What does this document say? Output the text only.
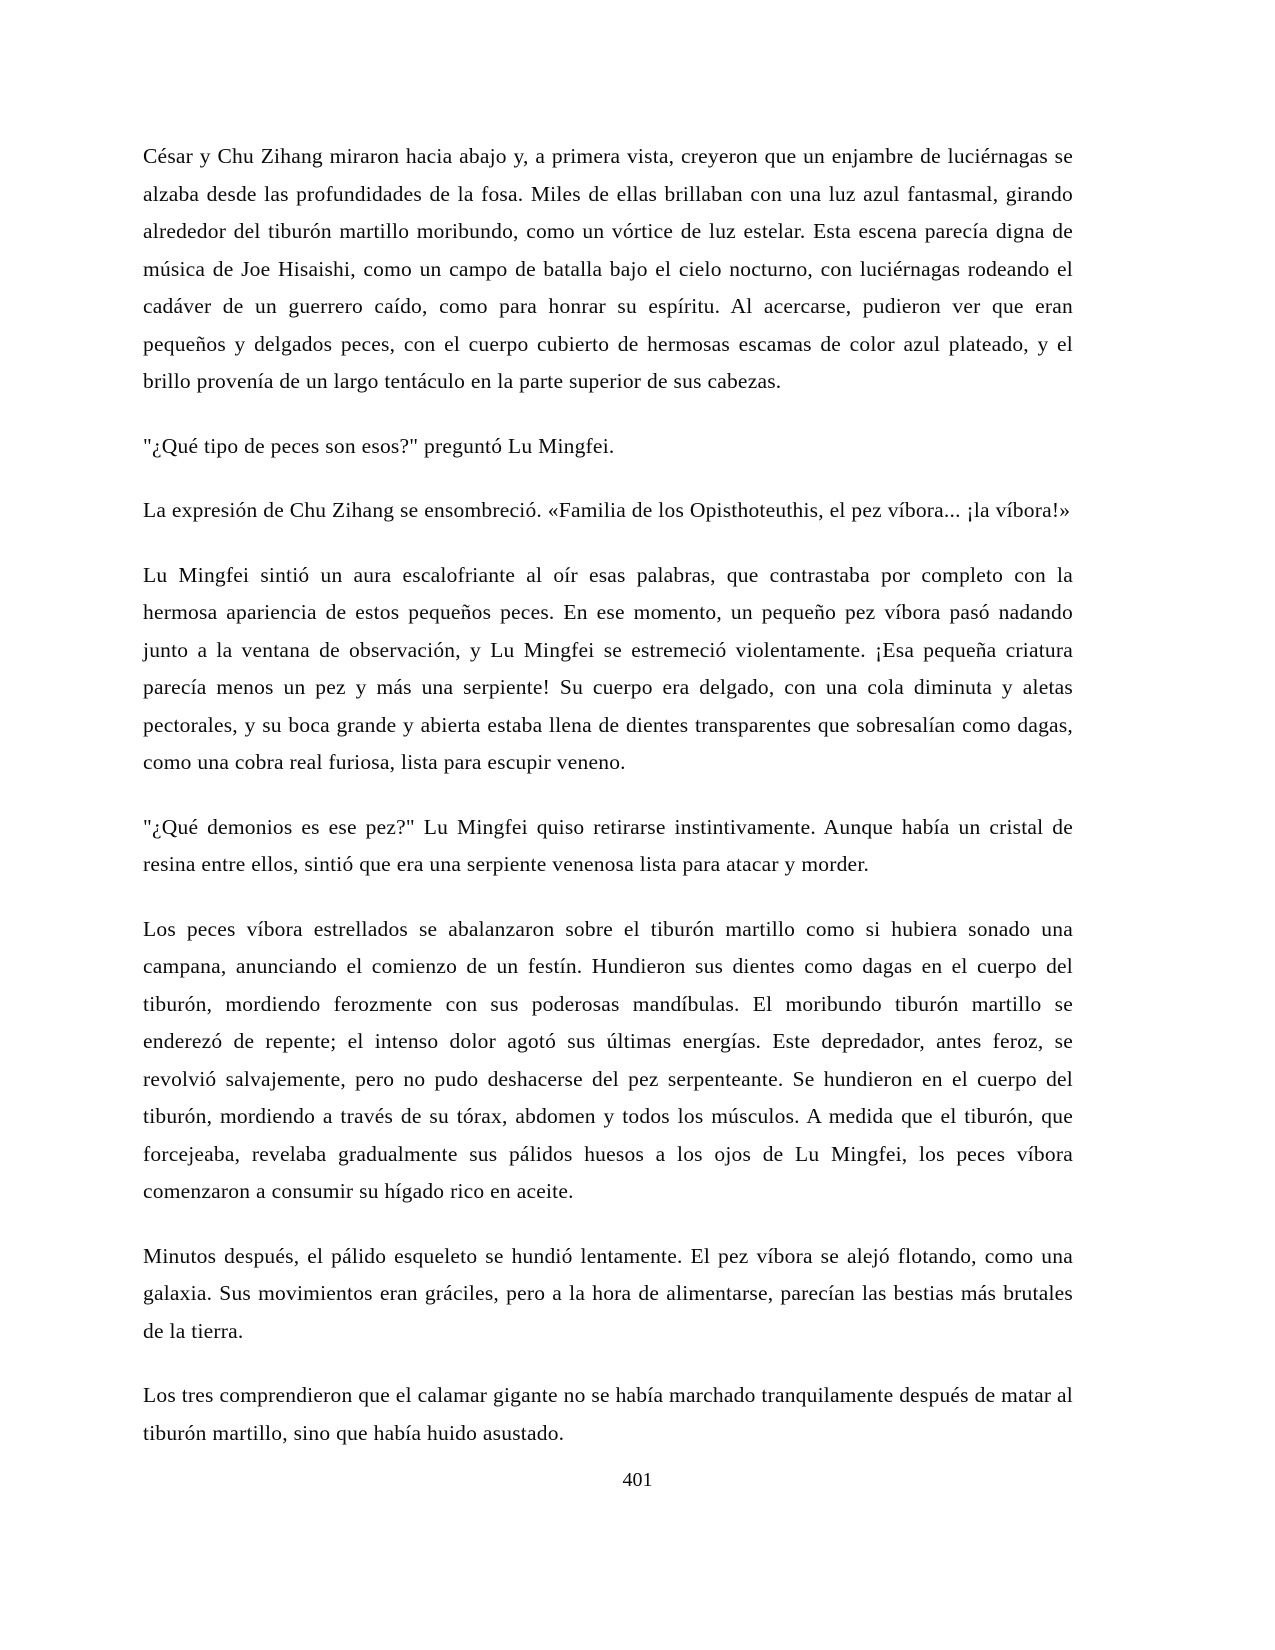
César y Chu Zihang miraron hacia abajo y, a primera vista, creyeron que un enjambre de luciérnagas se alzaba desde las profundidades de la fosa. Miles de ellas brillaban con una luz azul fantasmal, girando alrededor del tiburón martillo moribundo, como un vórtice de luz estelar. Esta escena parecía digna de música de Joe Hisaishi, como un campo de batalla bajo el cielo nocturno, con luciérnagas rodeando el cadáver de un guerrero caído, como para honrar su espíritu. Al acercarse, pudieron ver que eran pequeños y delgados peces, con el cuerpo cubierto de hermosas escamas de color azul plateado, y el brillo provenía de un largo tentáculo en la parte superior de sus cabezas.

"¿Qué tipo de peces son esos?" preguntó Lu Mingfei.

La expresión de Chu Zihang se ensombreció. «Familia de los Opisthoteuthis, el pez víbora... ¡la víbora!»

Lu Mingfei sintió un aura escalofriante al oír esas palabras, que contrastaba por completo con la hermosa apariencia de estos pequeños peces. En ese momento, un pequeño pez víbora pasó nadando junto a la ventana de observación, y Lu Mingfei se estremeció violentamente. ¡Esa pequeña criatura parecía menos un pez y más una serpiente! Su cuerpo era delgado, con una cola diminuta y aletas pectorales, y su boca grande y abierta estaba llena de dientes transparentes que sobresalían como dagas, como una cobra real furiosa, lista para escupir veneno.

"¿Qué demonios es ese pez?" Lu Mingfei quiso retirarse instintivamente. Aunque había un cristal de resina entre ellos, sintió que era una serpiente venenosa lista para atacar y morder.

Los peces víbora estrellados se abalanzaron sobre el tiburón martillo como si hubiera sonado una campana, anunciando el comienzo de un festín. Hundieron sus dientes como dagas en el cuerpo del tiburón, mordiendo ferozmente con sus poderosas mandíbulas. El moribundo tiburón martillo se enderezó de repente; el intenso dolor agotó sus últimas energías. Este depredador, antes feroz, se revolvió salvajemente, pero no pudo deshacerse del pez serpenteante. Se hundieron en el cuerpo del tiburón, mordiendo a través de su tórax, abdomen y todos los músculos. A medida que el tiburón, que forcejeaba, revelaba gradualmente sus pálidos huesos a los ojos de Lu Mingfei, los peces víbora comenzaron a consumir su hígado rico en aceite.

Minutos después, el pálido esqueleto se hundió lentamente. El pez víbora se alejó flotando, como una galaxia. Sus movimientos eran gráciles, pero a la hora de alimentarse, parecían las bestias más brutales de la tierra.

Los tres comprendieron que el calamar gigante no se había marchado tranquilamente después de matar al tiburón martillo, sino que había huido asustado.

401
